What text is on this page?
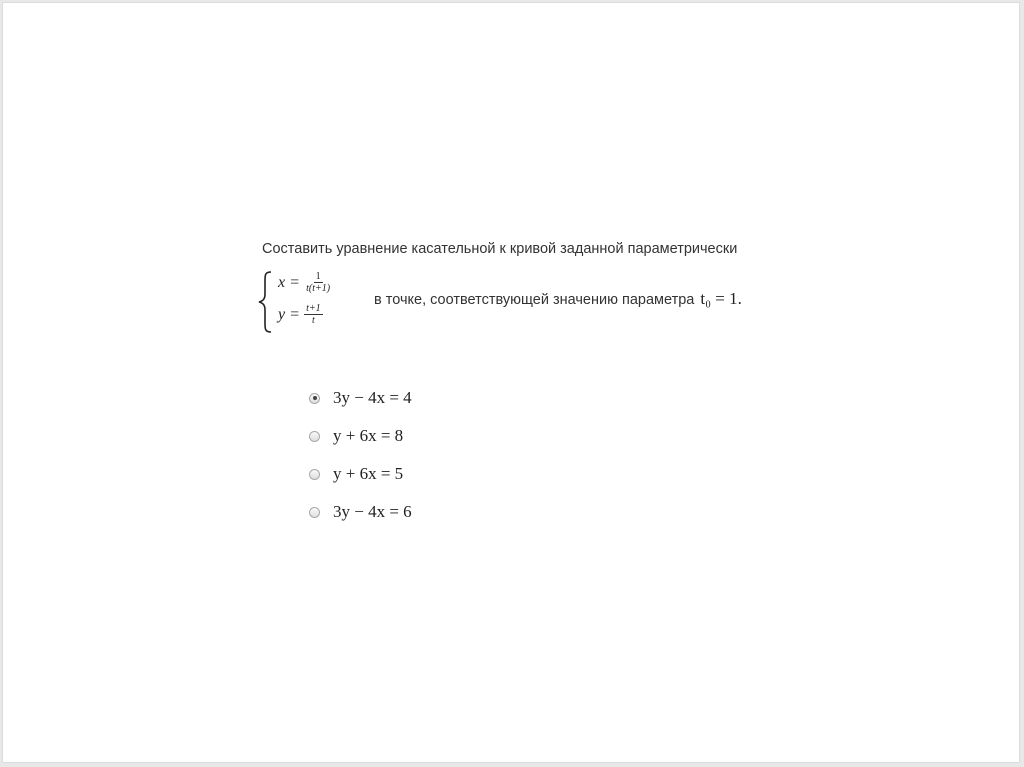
Составить уравнение касательной к кривой заданной параметрически
$x = \frac{1}{t(t+1)}$
$y = \frac{t+1}{t}$
в точке, соответствующей значению параметра t₀ = 1.
3y − 4x = 4
y + 6x = 8
y + 6x = 5
3y − 4x = 6
